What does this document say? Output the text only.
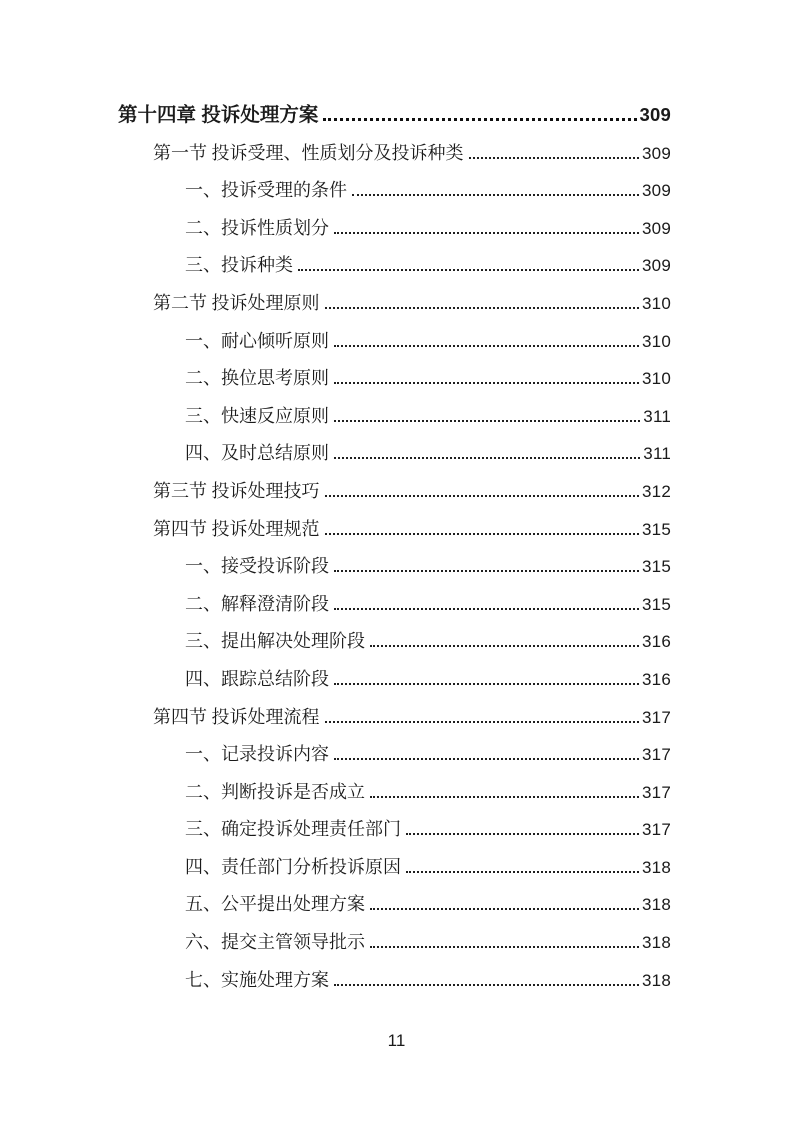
第十四章 投诉处理方案	309
第一节 投诉受理、性质划分及投诉种类	309
一、投诉受理的条件	309
二、投诉性质划分	309
三、投诉种类	309
第二节 投诉处理原则	310
一、耐心倾听原则	310
二、换位思考原则	310
三、快速反应原则	311
四、及时总结原则	311
第三节 投诉处理技巧	312
第四节 投诉处理规范	315
一、接受投诉阶段	315
二、解释澄清阶段	315
三、提出解决处理阶段	316
四、跟踪总结阶段	316
第四节 投诉处理流程	317
一、记录投诉内容	317
二、判断投诉是否成立	317
三、确定投诉处理责任部门	317
四、责任部门分析投诉原因	318
五、公平提出处理方案	318
六、提交主管领导批示	318
七、实施处理方案	318
11
